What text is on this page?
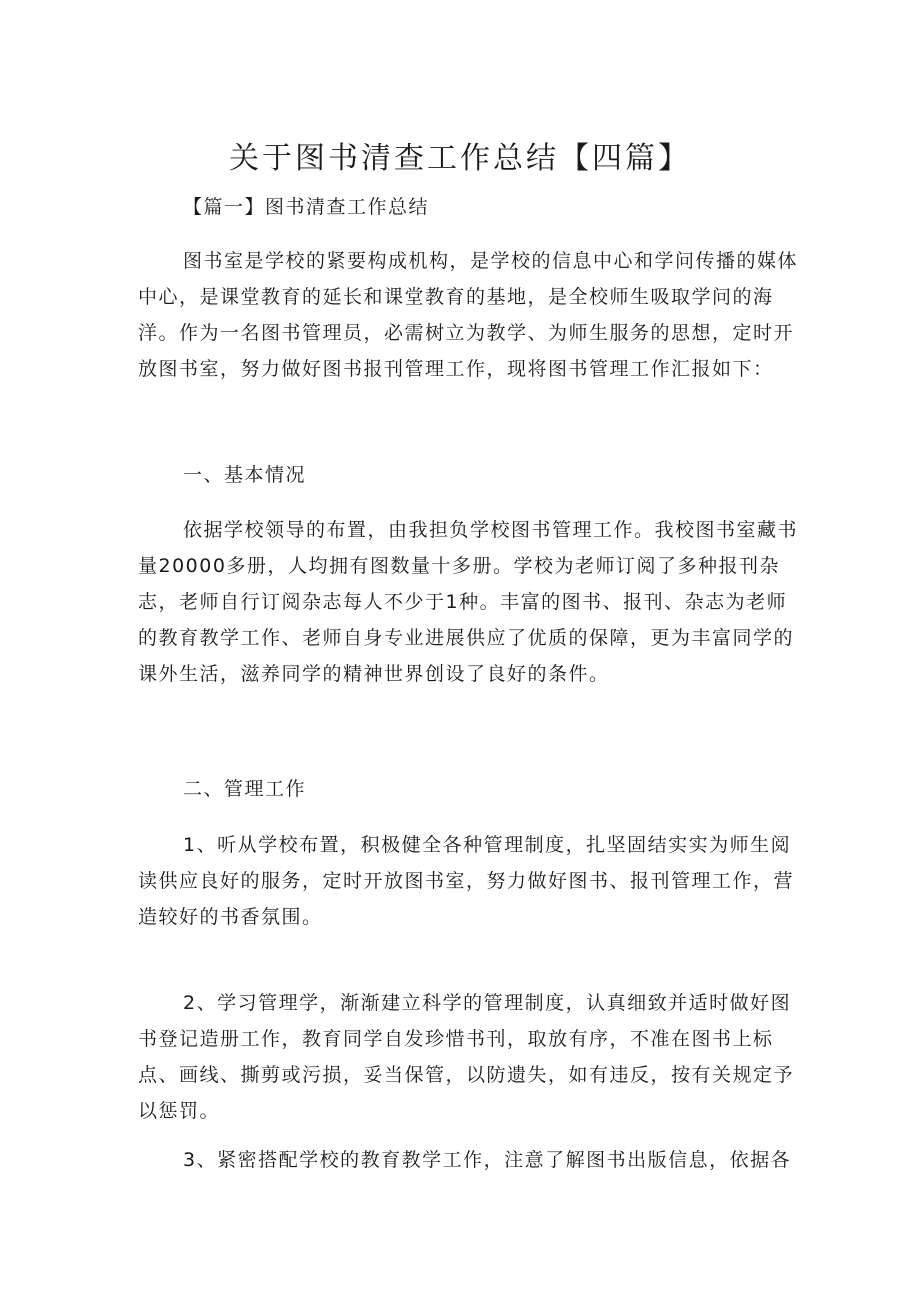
关于图书清查工作总结【四篇】
【篇一】图书清查工作总结

图书室是学校的紧要构成机构，是学校的信息中心和学问传播的媒体中心，是课堂教育的延长和课堂教育的基地，是全校师生吸取学问的海洋。作为一名图书管理员，必需树立为教学、为师生服务的思想，定时开放图书室，努力做好图书报刊管理工作，现将图书管理工作汇报如下：

一、基本情况

依据学校领导的布置，由我担负学校图书管理工作。我校图书室藏书量20000多册，人均拥有图数量十多册。学校为老师订阅了多种报刊杂志，老师自行订阅杂志每人不少于1种。丰富的图书、报刊、杂志为老师的教育教学工作、老师自身专业进展供应了优质的保障，更为丰富同学的课外生活，滋养同学的精神世界创设了良好的条件。

二、管理工作

1、听从学校布置，积极健全各种管理制度，扎坚固结实实为师生阅读供应良好的服务，定时开放图书室，努力做好图书、报刊管理工作，营造较好的书香氛围。

2、学习管理学，渐渐建立科学的管理制度，认真细致并适时做好图书登记造册工作，教育同学自发珍惜书刊，取放有序，不准在图书上标点、画线、撕剪或污损，妥当保管，以防遗失，如有违反，按有关规定予以惩罚。

3、紧密搭配学校的教育教学工作，注意了解图书出版信息，依据各
